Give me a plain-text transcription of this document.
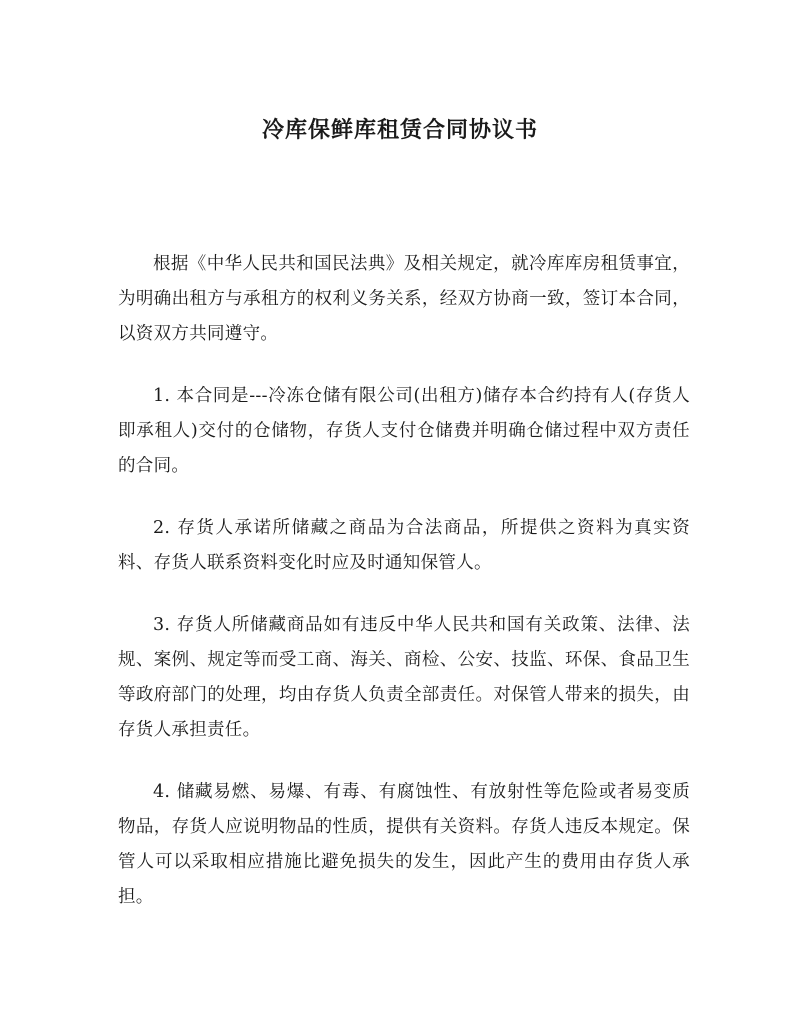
冷库保鲜库租赁合同协议书

根据《中华人民共和国民法典》及相关规定，就冷库库房租赁事宜，为明确出租方与承租方的权利义务关系，经双方协商一致，签订本合同，以资双方共同遵守。

1. 本合同是---冷冻仓储有限公司(出租方)储存本合约持有人(存货人即承租人)交付的仓储物，存货人支付仓储费并明确仓储过程中双方责任的合同。

2. 存货人承诺所储藏之商品为合法商品，所提供之资料为真实资料、存货人联系资料变化时应及时通知保管人。

3. 存货人所储藏商品如有违反中华人民共和国有关政策、法律、法规、案例、规定等而受工商、海关、商检、公安、技监、环保、食品卫生等政府部门的处理，均由存货人负责全部责任。对保管人带来的损失，由存货人承担责任。

4. 储藏易燃、易爆、有毒、有腐蚀性、有放射性等危险或者易变质物品，存货人应说明物品的性质，提供有关资料。存货人违反本规定。保管人可以采取相应措施比避免损失的发生，因此产生的费用由存货人承担。
